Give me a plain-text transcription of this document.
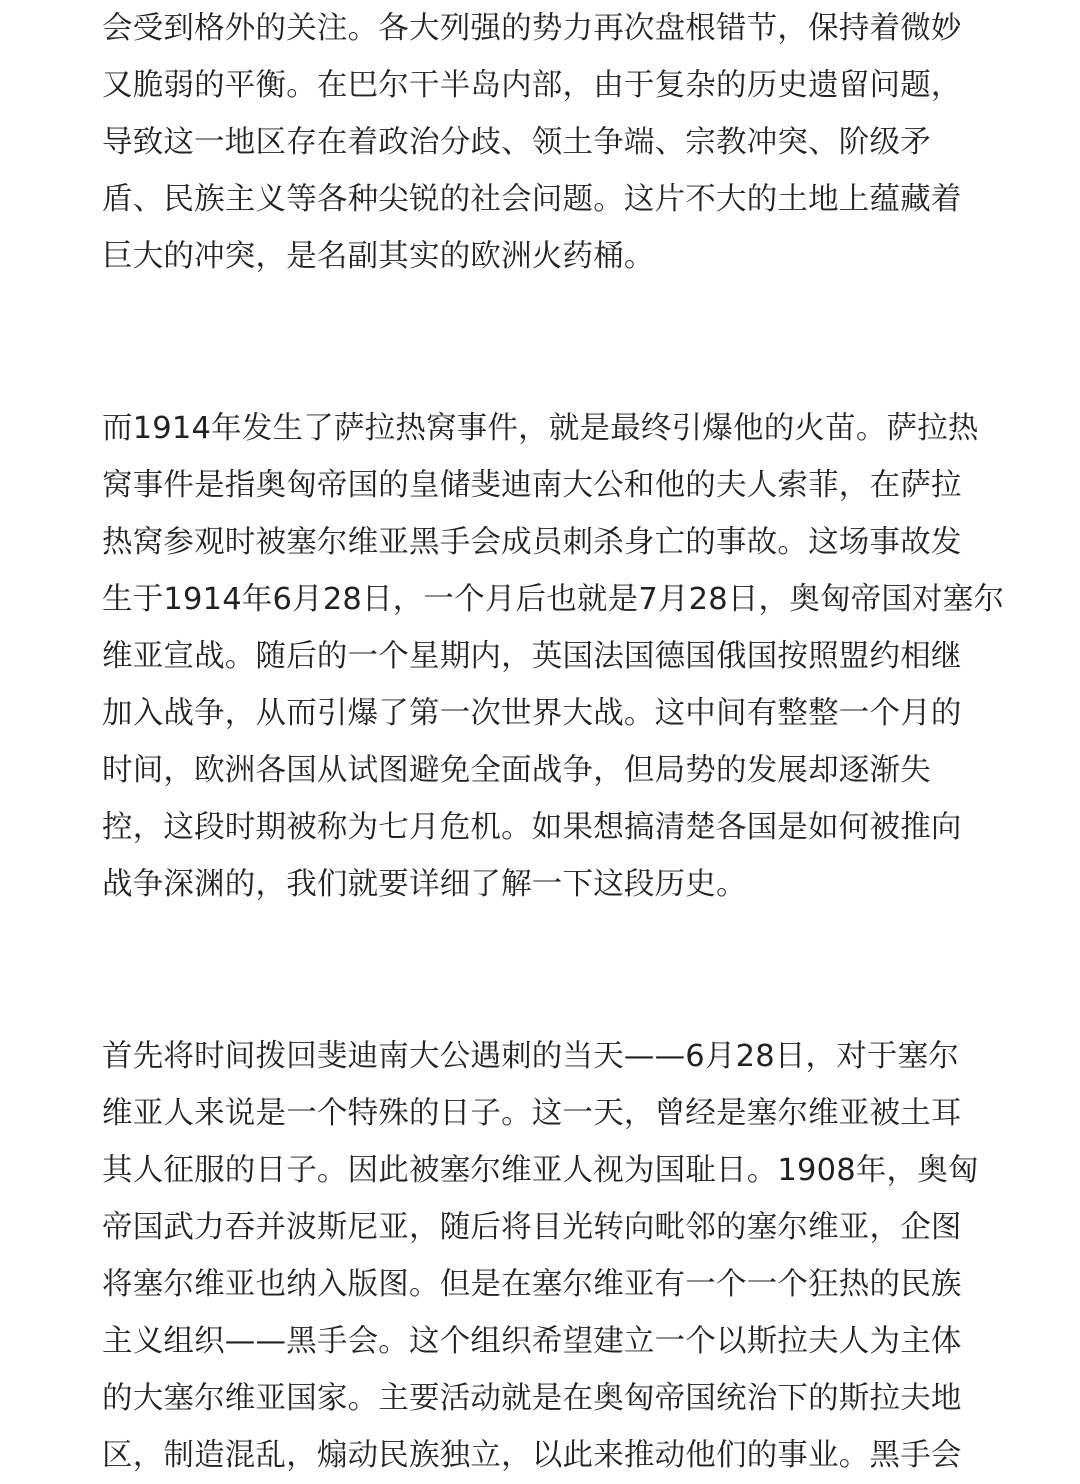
会受到格外的关注。各大列强的势力再次盘根错节，保持着微妙
又脆弱的平衡。在巴尔干半岛内部，由于复杂的历史遗留问题，
导致这一地区存在着政治分歧、领土争端、宗教冲突、阶级矛
盾、民族主义等各种尖锐的社会问题。这片不大的土地上蕴藏着
巨大的冲突，是名副其实的欧洲火药桶。
而1914年发生了萨拉热窝事件，就是最终引爆他的火苗。萨拉热
窝事件是指奥匈帝国的皇储斐迪南大公和他的夫人索菲，在萨拉
热窝参观时被塞尔维亚黑手会成员刺杀身亡的事故。这场事故发
生于1914年6月28日，一个月后也就是7月28日，奥匈帝国对塞尔
维亚宣战。随后的一个星期内，英国法国德国俄国按照盟约相继
加入战争，从而引爆了第一次世界大战。这中间有整整一个月的
时间，欧洲各国从试图避免全面战争，但局势的发展却逐渐失
控，这段时期被称为七月危机。如果想搞清楚各国是如何被推向
战争深渊的，我们就要详细了解一下这段历史。
首先将时间拨回斐迪南大公遇刺的当天——6月28日，对于塞尔
维亚人来说是一个特殊的日子。这一天，曾经是塞尔维亚被土耳
其人征服的日子。因此被塞尔维亚人视为国耻日。1908年，奥匈
帝国武力吞并波斯尼亚，随后将目光转向毗邻的塞尔维亚，企图
将塞尔维亚也纳入版图。但是在塞尔维亚有一个一个狂热的民族
主义组织——黑手会。这个组织希望建立一个以斯拉夫人为主体
的大塞尔维亚国家。主要活动就是在奥匈帝国统治下的斯拉夫地
区，制造混乱，煽动民族独立，以此来推动他们的事业。黑手会
